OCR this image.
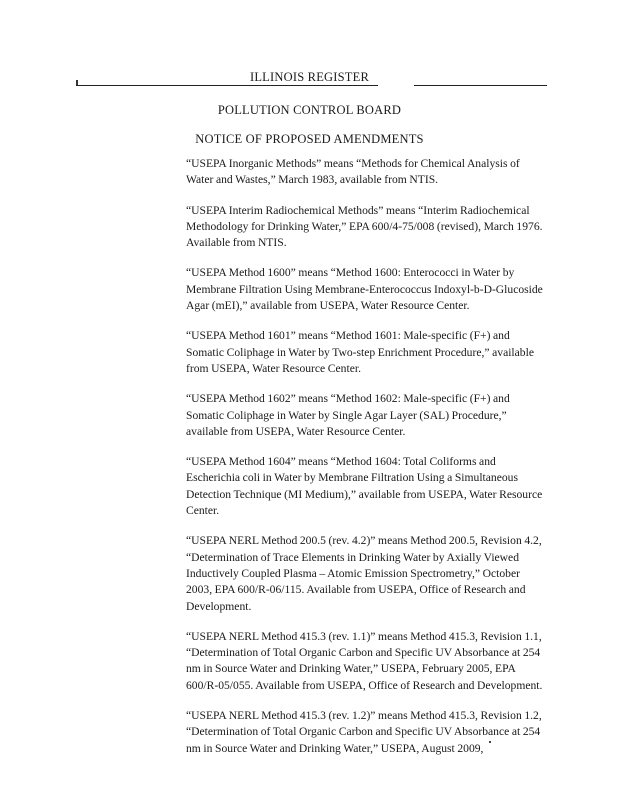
ILLINOIS REGISTER
POLLUTION CONTROL BOARD
NOTICE OF PROPOSED AMENDMENTS

“USEPA Inorganic Methods” means “Methods for Chemical Analysis of Water and Wastes,” March 1983, available from NTIS.

“USEPA Interim Radiochemical Methods” means “Interim Radiochemical Methodology for Drinking Water,” EPA 600/4-75/008 (revised), March 1976. Available from NTIS.

“USEPA Method 1600” means “Method 1600: Enterococci in Water by Membrane Filtration Using Membrane-Enterococcus Indoxyl-b-D-Glucoside Agar (mEI),” available from USEPA, Water Resource Center.

“USEPA Method 1601” means “Method 1601: Male-specific (F+) and Somatic Coliphage in Water by Two-step Enrichment Procedure,” available from USEPA, Water Resource Center.

“USEPA Method 1602” means “Method 1602: Male-specific (F+) and Somatic Coliphage in Water by Single Agar Layer (SAL) Procedure,” available from USEPA, Water Resource Center.

“USEPA Method 1604” means “Method 1604: Total Coliforms and Escherichia coli in Water by Membrane Filtration Using a Simultaneous Detection Technique (MI Medium),” available from USEPA, Water Resource Center.

“USEPA NERL Method 200.5 (rev. 4.2)” means Method 200.5, Revision 4.2, “Determination of Trace Elements in Drinking Water by Axially Viewed Inductively Coupled Plasma – Atomic Emission Spectrometry,” October 2003, EPA 600/R-06/115. Available from USEPA, Office of Research and Development.

“USEPA NERL Method 415.3 (rev. 1.1)” means Method 415.3, Revision 1.1, “Determination of Total Organic Carbon and Specific UV Absorbance at 254 nm in Source Water and Drinking Water,” USEPA, February 2005, EPA 600/R-05/055. Available from USEPA, Office of Research and Development.

“USEPA NERL Method 415.3 (rev. 1.2)” means Method 415.3, Revision 1.2, “Determination of Total Organic Carbon and Specific UV Absorbance at 254 nm in Source Water and Drinking Water,” USEPA, August 2009,
